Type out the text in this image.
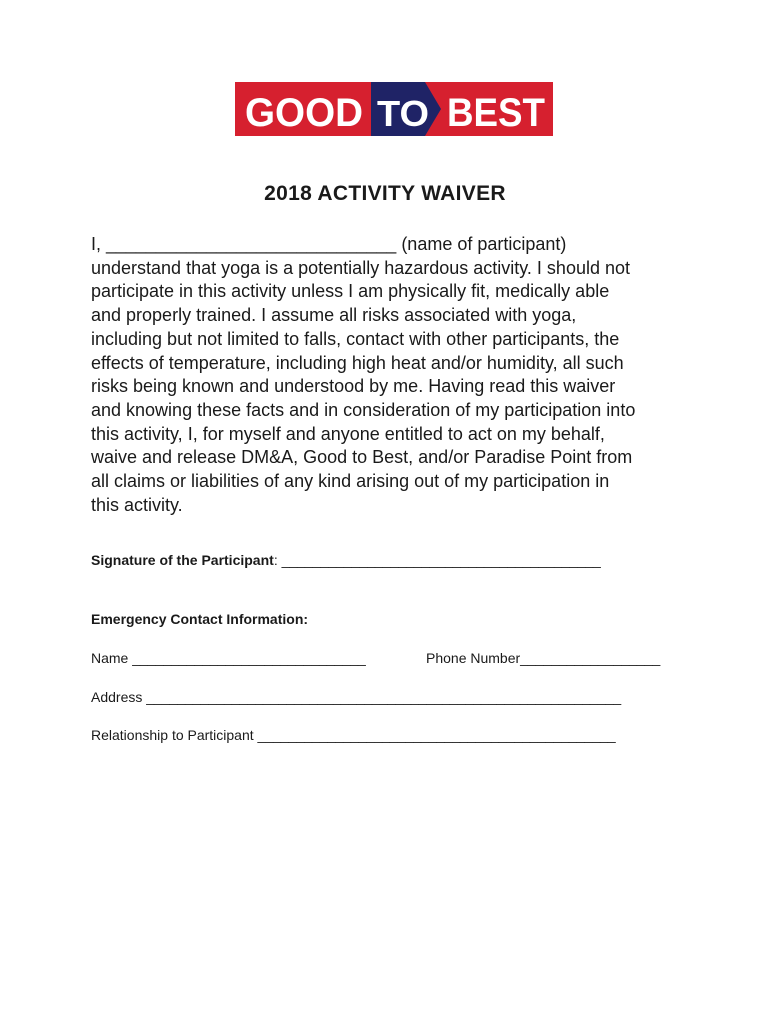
GOOD TO BEST
2018 ACTIVITY WAIVER

I, _____________________________ (name of participant)

understand that yoga is a potentially hazardous activity. I should not

participate in this activity unless I am physically fit, medically able

and properly trained. I assume all risks associated with yoga,

including but not limited to falls, contact with other participants, the

effects of temperature, including high heat and/or humidity, all such

risks being known and understood by me. Having read this waiver

and knowing these facts and in consideration of my participation into

this activity, I, for myself and anyone entitled to act on my behalf,

waive and release DM&A, Good to Best, and/or Paradise Point from

all claims or liabilities of any kind arising out of my participation in

this activity.

Signature of the Participant: _________________________________________
Emergency Contact Information:
Name ______________________________	Phone Number__________________
Address _____________________________________________________________
Relationship to Participant ______________________________________________
